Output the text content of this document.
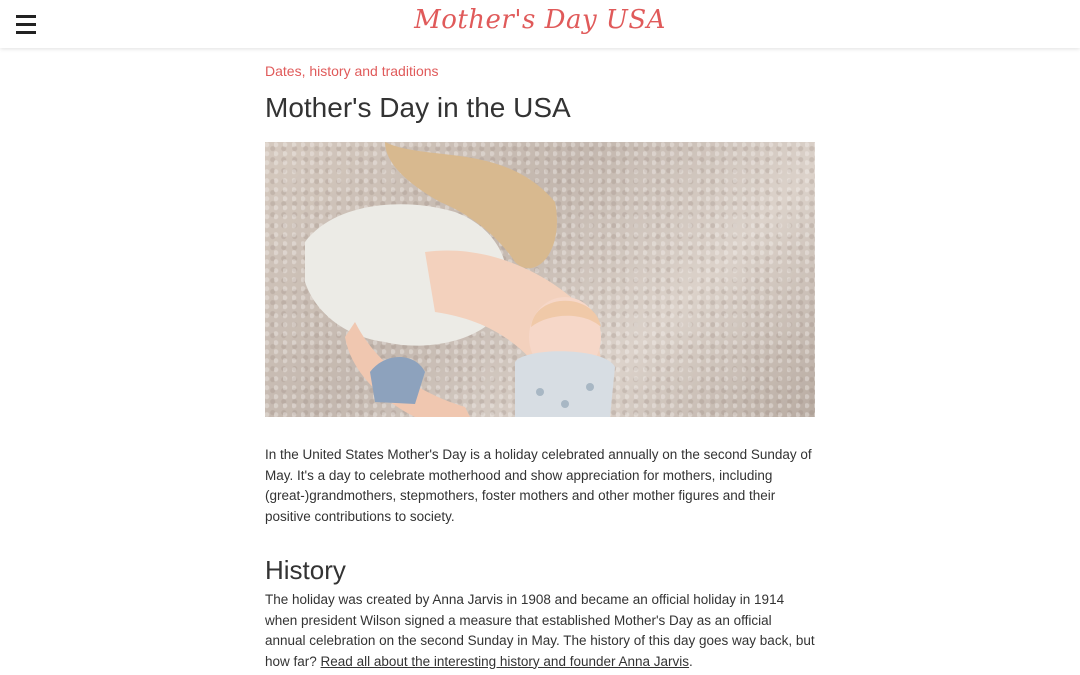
Mother's Day USA
Dates, history and traditions
Mother's Day in the USA

In the United States Mother's Day is a holiday celebrated annually on the second Sunday of May. It's a day to celebrate motherhood and show appreciation for mothers, including (great-)grandmothers, stepmothers, foster mothers and other mother figures and their positive contributions to society.

History

The holiday was created by Anna Jarvis in 1908 and became an official holiday in 1914 when president Wilson signed a measure that established Mother's Day as an official annual celebration on the second Sunday in May. The history of this day goes way back, but how far? Read all about the interesting history and founder Anna Jarvis.
